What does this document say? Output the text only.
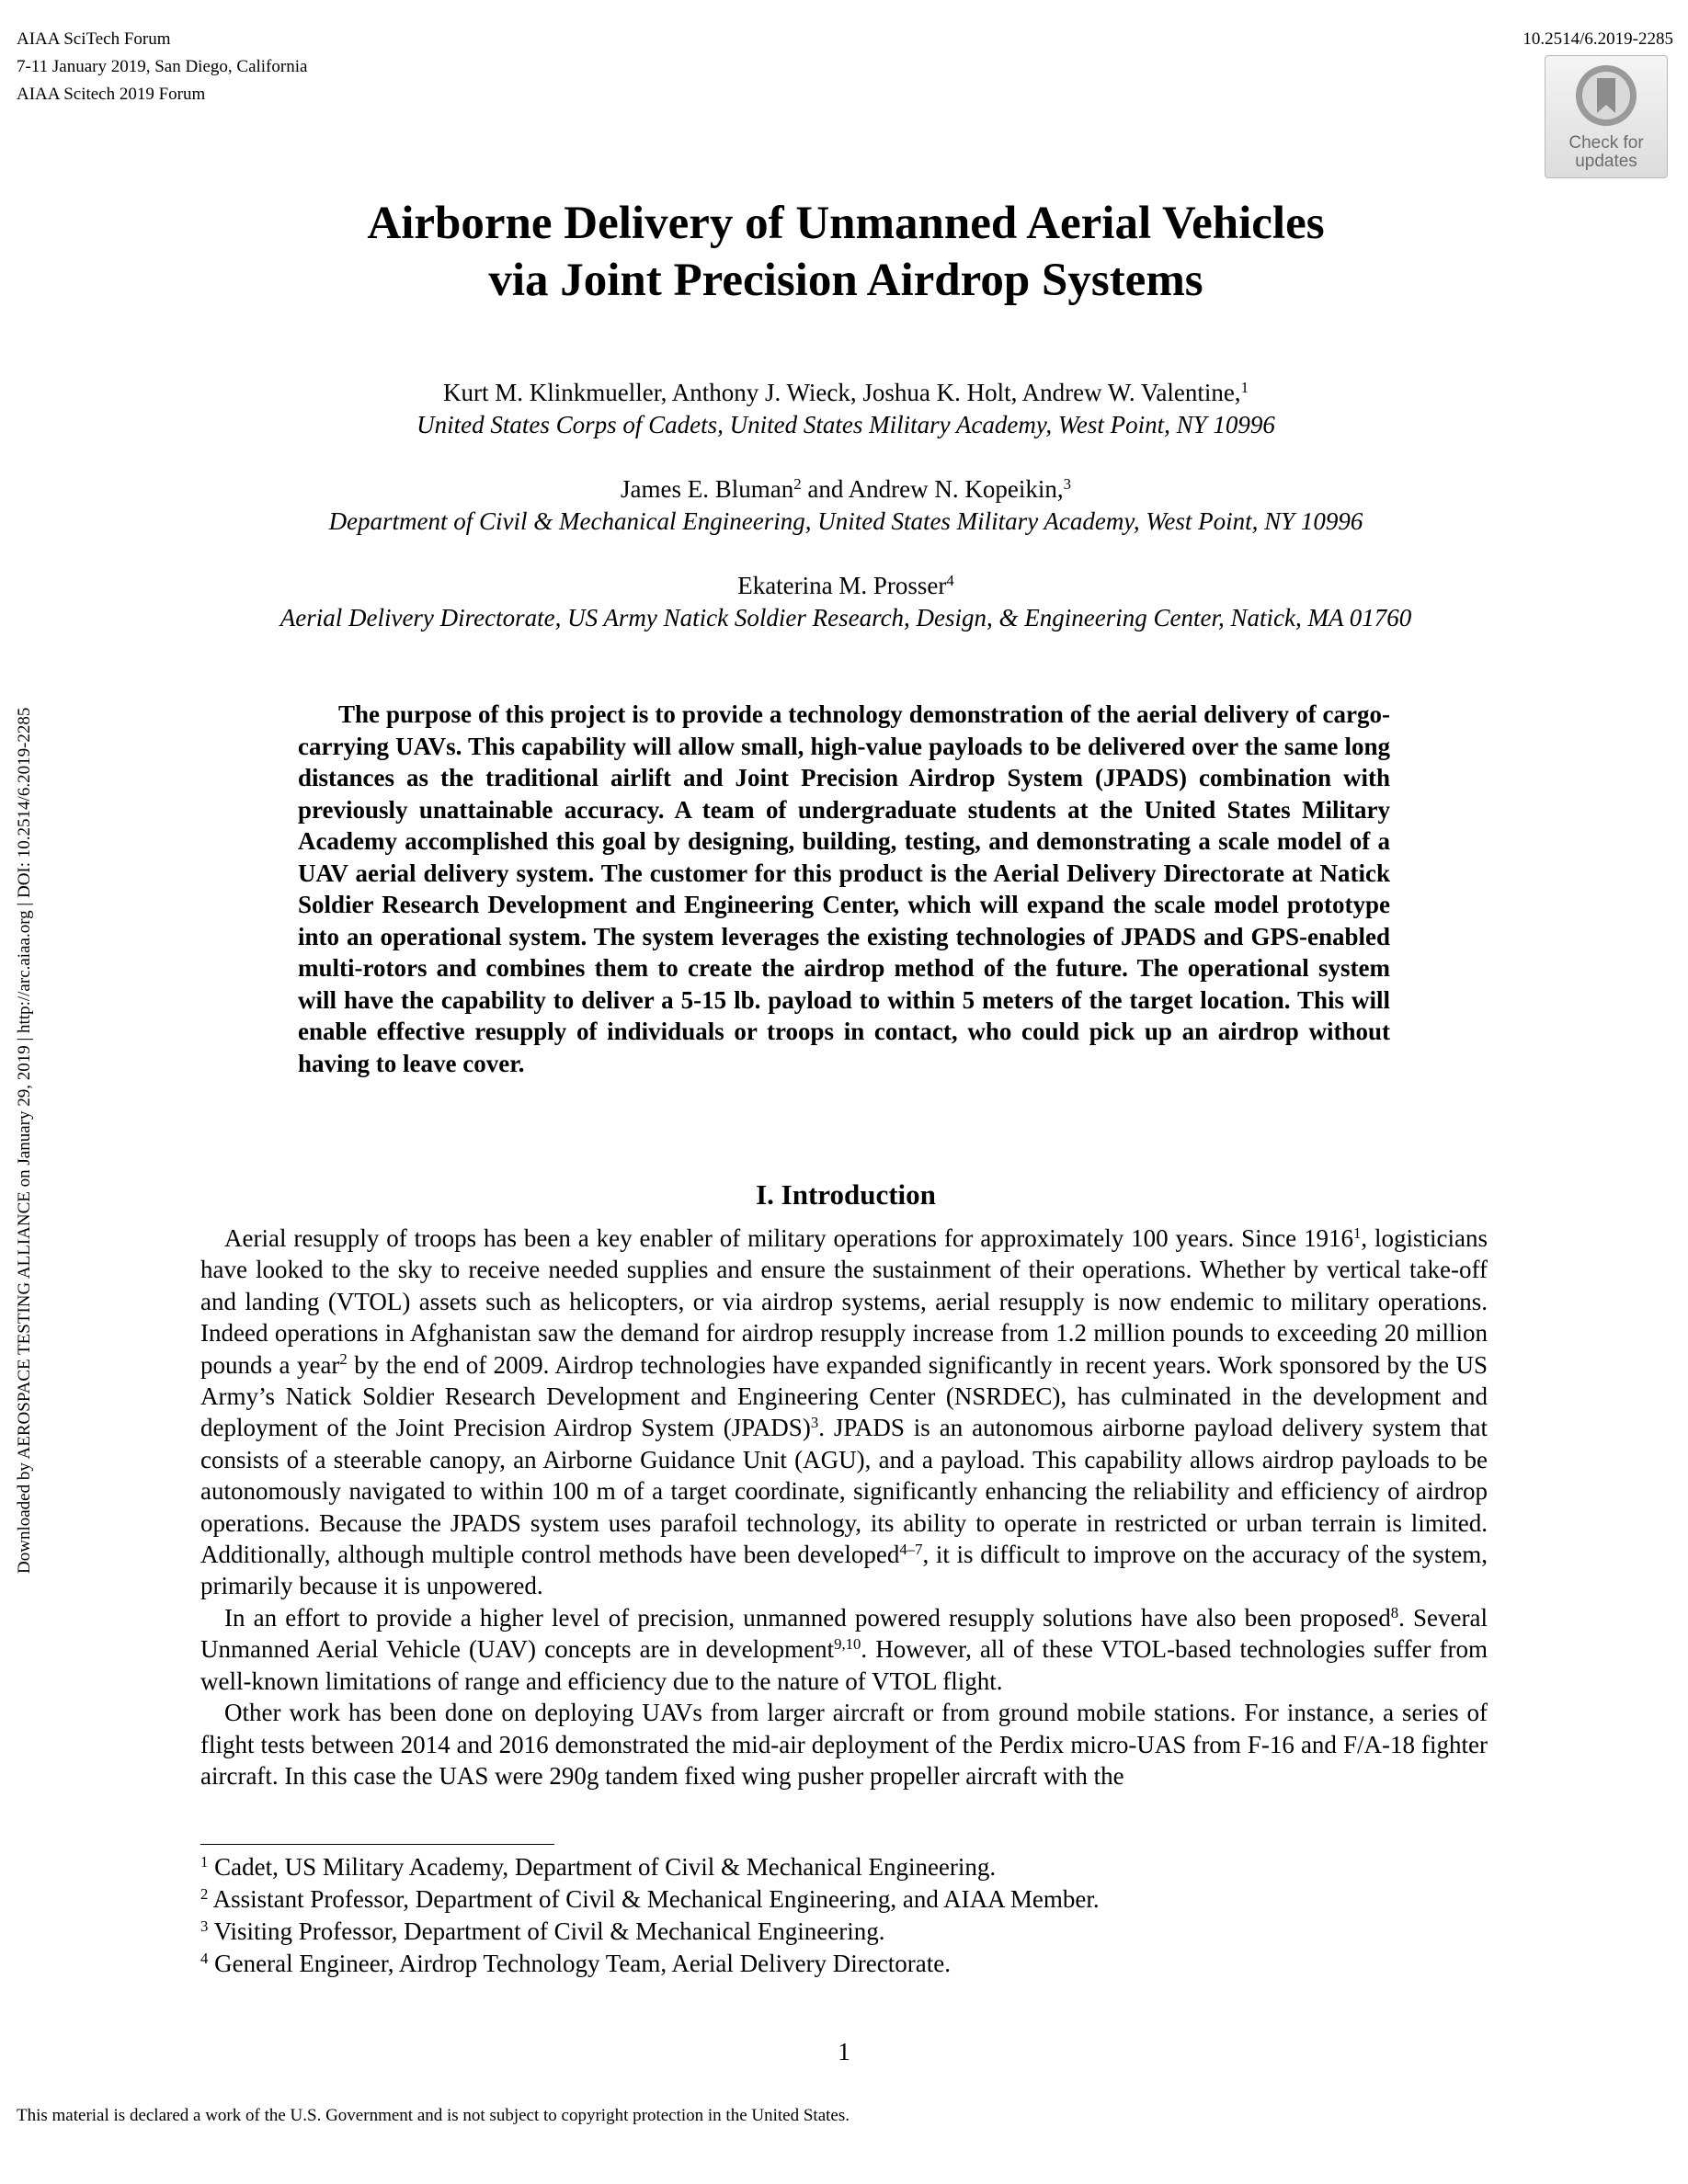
AIAA SciTech Forum
7-11 January 2019, San Diego, California
AIAA Scitech 2019 Forum
10.2514/6.2019-2285
Check for
updates
Downloaded by AEROSPACE TESTING ALLIANCE on January 29, 2019 | http://arc.aiaa.org | DOI: 10.2514/6.2019-2285
Airborne Delivery of Unmanned Aerial Vehicles
via Joint Precision Airdrop Systems
Kurt M. Klinkmueller, Anthony J. Wieck, Joshua K. Holt, Andrew W. Valentine,$^1$
United States Corps of Cadets, United States Military Academy, West Point, NY 10996
James E. Bluman$^2$ and Andrew N. Kopeikin,$^3$
Department of Civil & Mechanical Engineering, United States Military Academy, West Point, NY 10996
Ekaterina M. Prosser$^4$
Aerial Delivery Directorate, US Army Natick Soldier Research, Design, & Engineering Center, Natick, MA 01760

The purpose of this project is to provide a technology demonstration of the aerial delivery of cargo-carrying UAVs. This capability will allow small, high-value payloads to be delivered over the same long distances as the traditional airlift and Joint Precision Airdrop System (JPADS) combination with previously unattainable accuracy. A team of undergraduate students at the United States Military Academy accomplished this goal by designing, building, testing, and demonstrating a scale model of a UAV aerial delivery system. The customer for this product is the Aerial Delivery Directorate at Natick Soldier Research Development and Engineering Center, which will expand the scale model prototype into an operational system. The system leverages the existing technologies of JPADS and GPS-enabled multi-rotors and combines them to create the airdrop method of the future. The operational system will have the capability to deliver a 5-15 lb. payload to within 5 meters of the target location. This will enable effective resupply of individuals or troops in contact, who could pick up an airdrop without having to leave cover.

I. Introduction

Aerial resupply of troops has been a key enabler of military operations for approximately 100 years. Since 1916$^1$, logisticians have looked to the sky to receive needed supplies and ensure the sustainment of their operations. Whether by vertical take-off and landing (VTOL) assets such as helicopters, or via airdrop systems, aerial resupply is now endemic to military operations. Indeed operations in Afghanistan saw the demand for airdrop resupply increase from 1.2 million pounds to exceeding 20 million pounds a year$^2$ by the end of 2009. Airdrop technologies have expanded significantly in recent years. Work sponsored by the US Army’s Natick Soldier Research Development and Engineering Center (NSRDEC), has culminated in the development and deployment of the Joint Precision Airdrop System (JPADS)$^3$. JPADS is an autonomous airborne payload delivery system that consists of a steerable canopy, an Airborne Guidance Unit (AGU), and a payload. This capability allows airdrop payloads to be autonomously navigated to within 100 m of a target coordinate, significantly enhancing the reliability and efficiency of airdrop operations. Because the JPADS system uses parafoil technology, its ability to operate in restricted or urban terrain is limited. Additionally, although multiple control methods have been developed$^{4-7}$, it is difficult to improve on the accuracy of the system, primarily because it is unpowered.

In an effort to provide a higher level of precision, unmanned powered resupply solutions have also been proposed$^8$. Several Unmanned Aerial Vehicle (UAV) concepts are in development$^{9,10}$. However, all of these VTOL-based technologies suffer from well-known limitations of range and efficiency due to the nature of VTOL flight.

Other work has been done on deploying UAVs from larger aircraft or from ground mobile stations. For instance, a series of flight tests between 2014 and 2016 demonstrated the mid-air deployment of the Perdix micro-UAS from F-16 and F/A-18 fighter aircraft. In this case the UAS were 290g tandem fixed wing pusher propeller aircraft with the

$^1$ Cadet, US Military Academy, Department of Civil & Mechanical Engineering.
$^2$ Assistant Professor, Department of Civil & Mechanical Engineering, and AIAA Member.
$^3$ Visiting Professor, Department of Civil & Mechanical Engineering.
$^4$ General Engineer, Airdrop Technology Team, Aerial Delivery Directorate.
1
This material is declared a work of the U.S. Government and is not subject to copyright protection in the United States.
